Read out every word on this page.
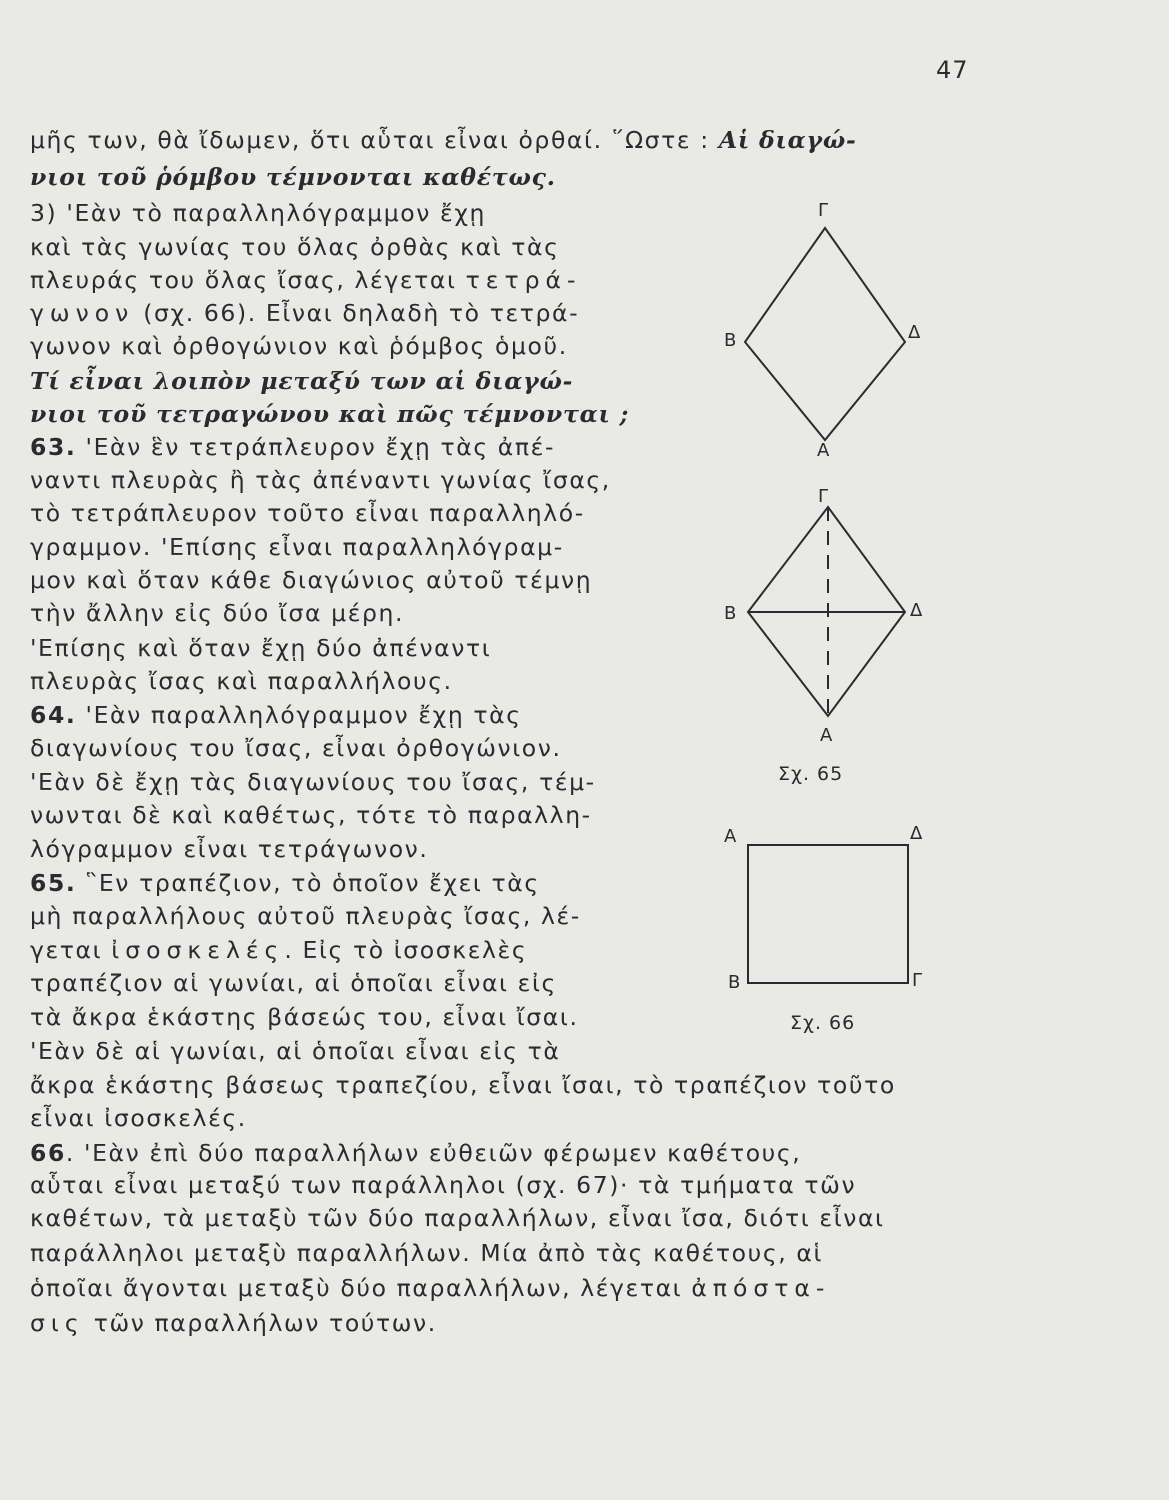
47
μῆς των, θὰ ἴδωμεν, ὅτι αὗται εἶναι ὀρθαί. ῞Ωστε : Αἱ διαγώ-
νιοι τοῦ ῥόμβου τέμνονται καθέτως.
3) 'Εὰν τὸ παραλληλόγραμμον ἔχῃ
καὶ τὰς γωνίας του ὅλας ὀρθὰς καὶ τὰς
πλευράς του ὅλας ἴσας, λέγεται τετρά-
γωνον (σχ. 66). Εἶναι δηλαδὴ τὸ τετρά-
γωνον καὶ ὀρθογώνιον καὶ ῥόμβος ὁμοῦ.
Τί εἶναι λοιπὸν μεταξύ των αἱ διαγώ-
νιοι τοῦ τετραγώνου καὶ πῶς τέμνονται ;
63. 'Εὰν ἓν τετράπλευρον ἔχῃ τὰς ἀπέ-
ναντι πλευρὰς ἢ τὰς ἀπέναντι γωνίας ἴσας,
τὸ τετράπλευρον τοῦτο εἶναι παραλληλό-
γραμμον. 'Επίσης εἶναι παραλληλόγραμ-
μον καὶ ὅταν κάθε διαγώνιος αὐτοῦ τέμνῃ
τὴν ἄλλην εἰς δύο ἴσα μέρη.
'Επίσης καὶ ὅταν ἔχῃ δύο ἀπέναντι
πλευρὰς ἴσας καὶ παραλλήλους.
64. 'Εὰν παραλληλόγραμμον ἔχῃ τὰς
διαγωνίους του ἴσας, εἶναι ὀρθογώνιον.
'Εὰν δὲ ἔχῃ τὰς διαγωνίους του ἴσας, τέμ-
νωνται δὲ καὶ καθέτως, τότε τὸ παραλλη-
λόγραμμον εἶναι τετράγωνον.
65. ῝Εν τραπέζιον, τὸ ὁποῖον ἔχει τὰς
μὴ παραλλήλους αὐτοῦ πλευρὰς ἴσας, λέ-
γεται ἰσοσκελές. Εἰς τὸ ἰσοσκελὲς
τραπέζιον αἱ γωνίαι, αἱ ὁποῖαι εἶναι εἰς
τὰ ἄκρα ἑκάστης βάσεώς του, εἶναι ἴσαι.
'Εὰν δὲ αἱ γωνίαι, αἱ ὁποῖαι εἶναι εἰς τὰ
ἄκρα ἑκάστης βάσεως τραπεζίου, εἶναι ἴσαι, τὸ τραπέζιον τοῦτο
εἶναι ἰσοσκελές.
66. 'Εὰν ἐπὶ δύο παραλλήλων εὐθειῶν φέρωμεν καθέτους,
αὗται εἶναι μεταξύ των παράλληλοι (σχ. 67)· τὰ τμήματα τῶν
καθέτων, τὰ μεταξὺ τῶν δύο παραλλήλων, εἶναι ἴσα, διότι εἶναι
παράλληλοι μεταξὺ παραλλήλων. Μία ἀπὸ τὰς καθέτους, αἱ
ὁποῖαι ἄγονται μεταξὺ δύο παραλλήλων, λέγεται ἀπόστα-
σις τῶν παραλλήλων τούτων.
Γ
Β	Δ
Α
Γ
Β	Δ
Α
Σχ. 65
Α	Δ
Β	Γ
Σχ. 66
